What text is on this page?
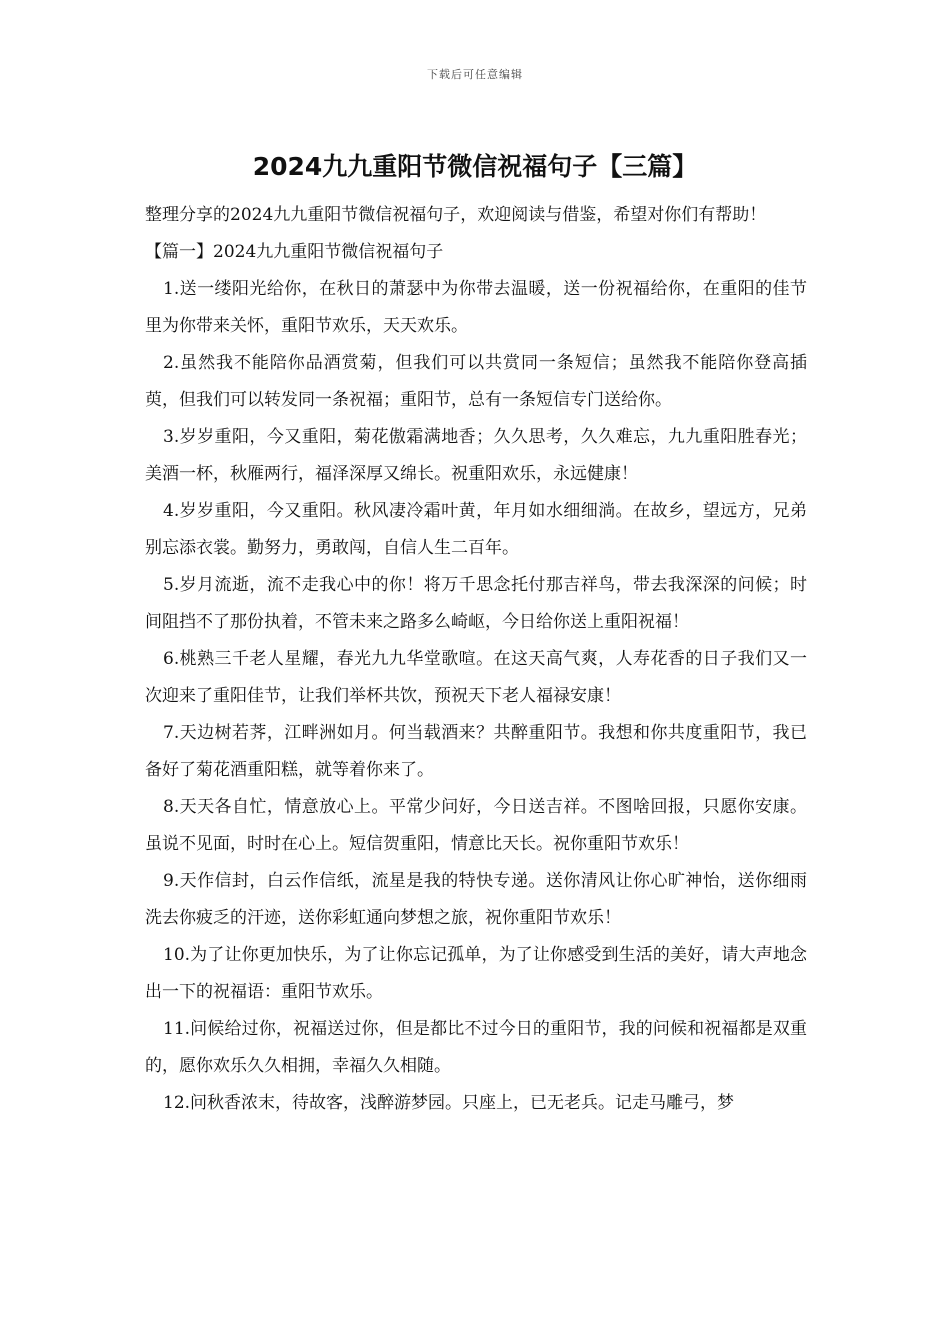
下载后可任意编辑
2024九九重阳节微信祝福句子【三篇】

整理分享的2024九九重阳节微信祝福句子，欢迎阅读与借鉴，希望对你们有帮助！

【篇一】2024九九重阳节微信祝福句子

1.送一缕阳光给你，在秋日的萧瑟中为你带去温暖，送一份祝福给你，在重阳的佳节里为你带来关怀，重阳节欢乐，天天欢乐。

2.虽然我不能陪你品酒赏菊，但我们可以共赏同一条短信；虽然我不能陪你登高插萸，但我们可以转发同一条祝福；重阳节，总有一条短信专门送给你。

3.岁岁重阳，今又重阳，菊花傲霜满地香；久久思考，久久难忘，九九重阳胜春光；美酒一杯，秋雁两行，福泽深厚又绵长。祝重阳欢乐，永远健康！

4.岁岁重阳，今又重阳。秋风凄冷霜叶黄，年月如水细细淌。在故乡，望远方，兄弟别忘添衣裳。勤努力，勇敢闯，自信人生二百年。

5.岁月流逝，流不走我心中的你！将万千思念托付那吉祥鸟，带去我深深的问候；时间阻挡不了那份执着，不管未来之路多么崎岖，今日给你送上重阳祝福！

6.桃熟三千老人星耀，春光九九华堂歌喧。在这天高气爽，人寿花香的日子我们又一次迎来了重阳佳节，让我们举杯共饮，预祝天下老人福禄安康！

7.天边树若荠，江畔洲如月。何当载酒来？共醉重阳节。我想和你共度重阳节，我已备好了菊花酒重阳糕，就等着你来了。

8.天天各自忙，情意放心上。平常少问好，今日送吉祥。不图啥回报，只愿你安康。虽说不见面，时时在心上。短信贺重阳，情意比天长。祝你重阳节欢乐！

9.天作信封，白云作信纸，流星是我的特快专递。送你清风让你心旷神怡，送你细雨洗去你疲乏的汗迹，送你彩虹通向梦想之旅，祝你重阳节欢乐！

10.为了让你更加快乐，为了让你忘记孤单，为了让你感受到生活的美好，请大声地念出一下的祝福语：重阳节欢乐。

11.问候给过你，祝福送过你，但是都比不过今日的重阳节，我的问候和祝福都是双重的，愿你欢乐久久相拥，幸福久久相随。

12.问秋香浓末，待故客，浅醉游梦园。只座上，已无老兵。记走马雕弓，梦
